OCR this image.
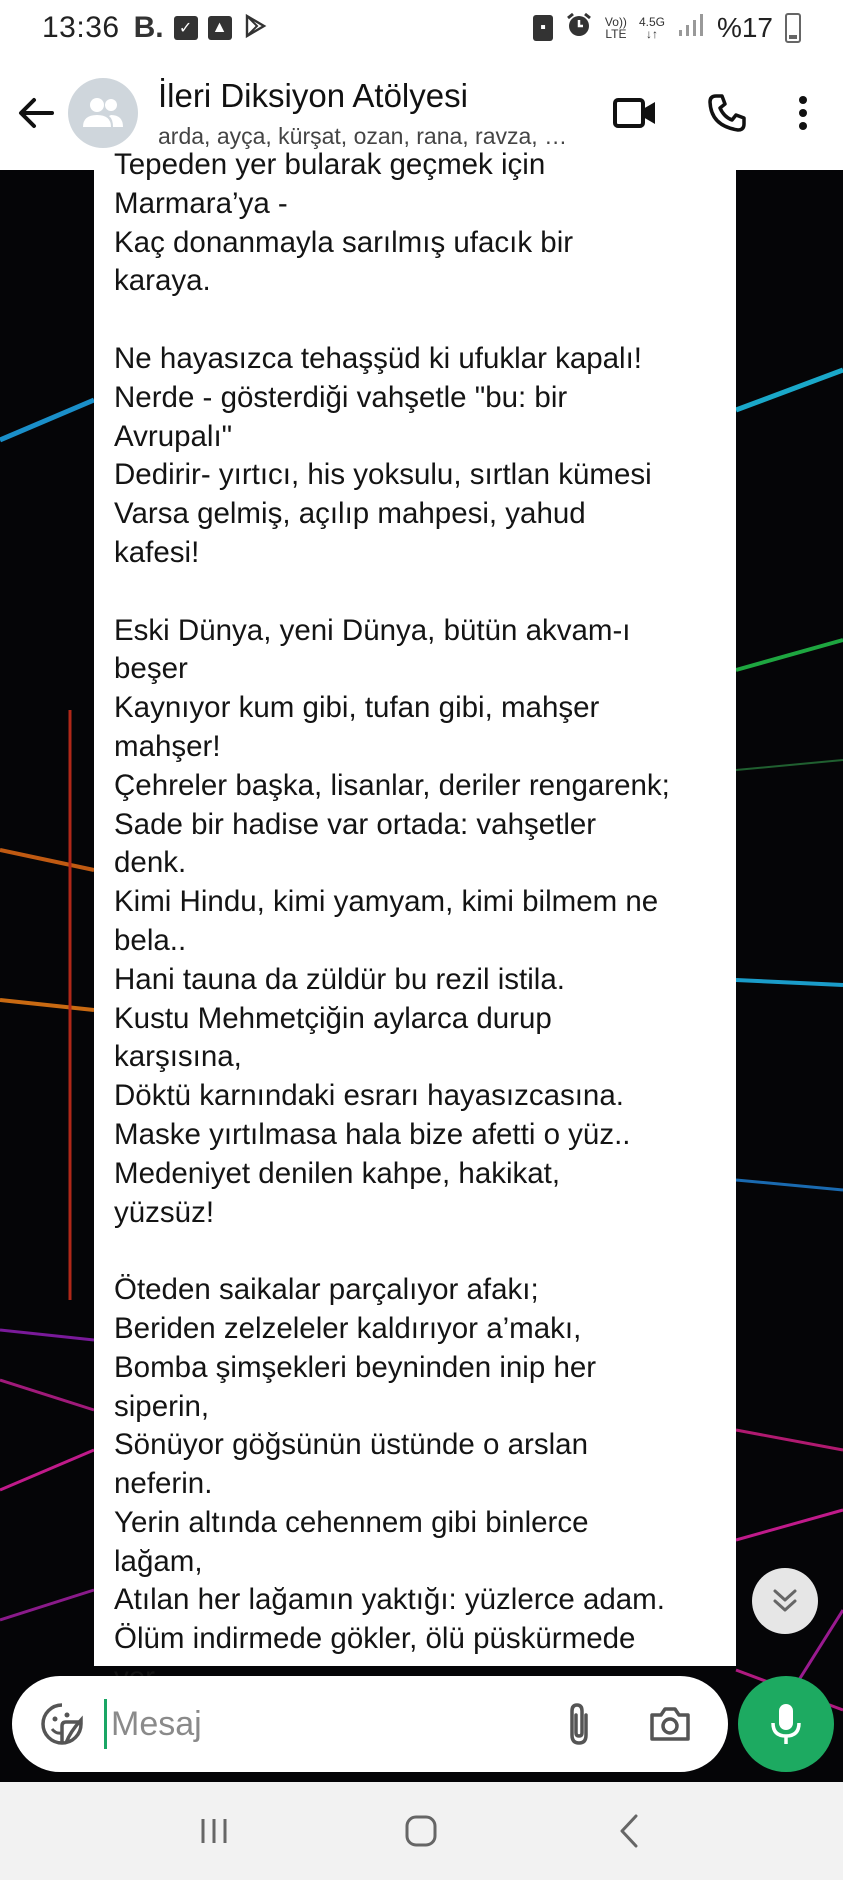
13:36 B. ✓	▲	▪	Vo))
LTE
4.5G
↓↑ %17
İleri Diksiyon Atölyesi
arda, ayça, kürşat, ozan, rana, ravza, …
Tepeden yer bularak geçmek için
Marmara’ya -
Kaç donanmayla sarılmış ufacık bir
karaya.

Ne hayasızca tehaşşüd ki ufuklar kapalı!
Nerde - gösterdiği vahşetle "bu: bir
Avrupalı"
Dedirir- yırtıcı, his yoksulu, sırtlan kümesi
Varsa gelmiş, açılıp mahpesi, yahud
kafesi!

Eski Dünya, yeni Dünya, bütün akvam-ı
beşer
Kaynıyor kum gibi, tufan gibi, mahşer
mahşer!
Çehreler başka, lisanlar, deriler rengarenk;
Sade bir hadise var ortada: vahşetler
denk.
Kimi Hindu, kimi yamyam, kimi bilmem ne
bela..
Hani tauna da zül​dür bu rezil istila.
Kustu Mehmetçiğin aylarca durup
karşısına,
Döktü karnındaki esrarı hayasızcasına.
Maske yırtılmasa hala bize afetti o yüz..
Medeniyet denilen kahpe, hakikat,
yüzsüz!

Öteden saikalar parçalıyor afakı;
Beriden zelzeleler kaldırıyor a’makı,
Bomba şimşekleri beyninden inip her
siperin,
Sönüyor göğsünün üstünde o arslan
neferin.
Yerin altında cehennem gibi binlerce
lağam,
Atılan her lağamın yaktığı: yüzlerce adam.
Ölüm indirmede gökler, ölü püskürmede
Mesaj
